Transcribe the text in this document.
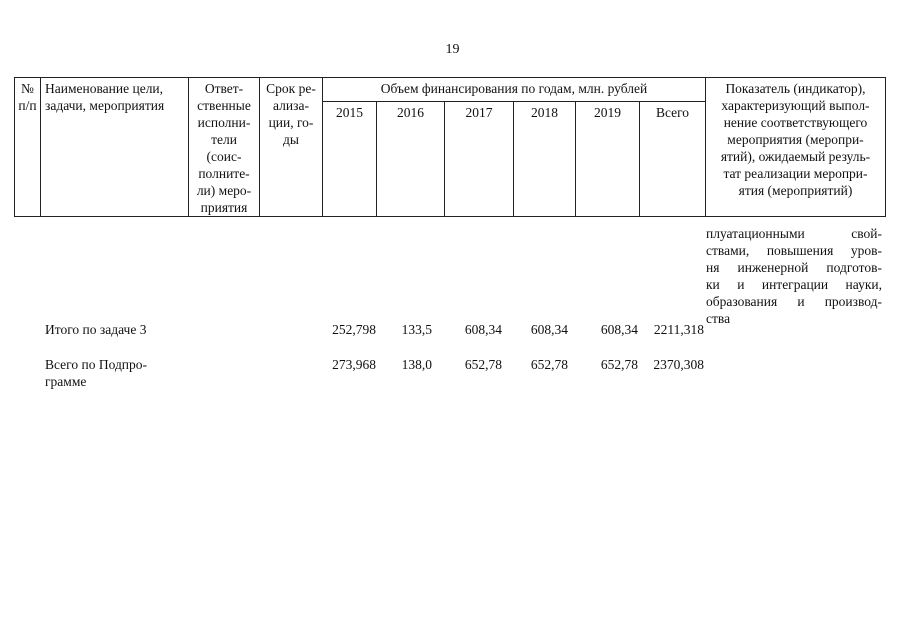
19
№
п/п
Наименование цели,
задачи, мероприятия
Ответ-
ственные
исполни-
тели
(соис-
полните-
ли) меро-
приятия
Срок ре-
ализа-
ции, го-
ды
Объем финансирования по годам, млн. рублей
2015	2016	2017	2018	2019	Всего
Показатель (индикатор),
характеризующий выпол-
нение соответствующего
мероприятия (меропри-
ятий), ожидаемый резуль-
тат реализации меропри-
ятия (мероприятий)
плуатационными свой-
ствами, повышения уров-
ня инженерной подготов-
ки и интеграции науки,
образования и производ-
ства
Итого по задаче 3	252,798	133,5	608,34	608,34	608,34	2211,318
Всего по Подпро-
грамме
273,968	138,0	652,78	652,78	652,78	2370,308
